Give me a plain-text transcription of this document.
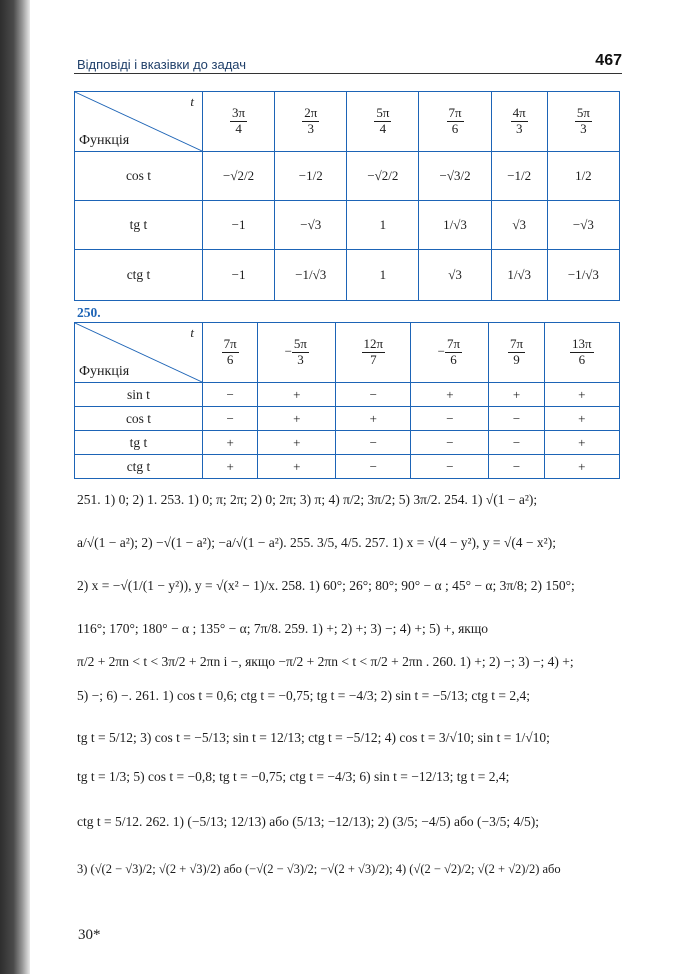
Відповіді і вказівки до задач	467
t
Функція	$\frac{3\pi}{4}$	$\frac{2\pi}{3}$	$\frac{5\pi}{4}$	$\frac{7\pi}{6}$	$\frac{4\pi}{3}$	$\frac{5\pi}{3}$

cos t	−√2/2	−1/2	−√2/2	−√3/2	−1/2	1/2
tg t	−1	−√3	1	1/√3	√3	−√3
ctg t	−1	−1/√3	1	√3	1/√3	−1/√3
250.
t
Функція	$\frac{7\pi}{6}$	− $\frac{5\pi}{3}$	$\frac{12\pi}{7}$	− $\frac{7\pi}{6}$	$\frac{7\pi}{9}$	$\frac{13\pi}{6}$

sin t	−	+	−	+	+	+
cos t	−	+	+	−	−	+
tg t	+	+	−	−	−	+
ctg t	+	+	−	−	−	+
251. 1) 0; 2) 1. 253. 1) 0; π; 2π; 2) 0; 2π; 3) π; 4) π/2; 3π/2; 5) 3π/2. 254. 1) √(1 − a²);
a/√(1 − a²); 2) −√(1 − a²); −a/√(1 − a²). 255. 3/5, 4/5. 257. 1) x = √(4 − y²), y = √(4 − x²);
2) x = −√(1/(1 − y²)), y = √(x² − 1)/x. 258. 1) 60°; 26°; 80°; 90° − α ; 45° − α; 3π/8; 2) 150°;
116°; 170°; 180° − α ; 135° − α; 7π/8. 259. 1) +; 2) +; 3) −; 4) +; 5) +, якщо
π/2 + 2πn < t < 3π/2 + 2πn і −, якщо −π/2 + 2πn < t < π/2 + 2πn . 260. 1) +; 2) −; 3) −; 4) +;
5) −; 6) −. 261. 1) cos t = 0,6; ctg t = −0,75; tg t = −4/3; 2) sin t = −5/13; ctg t = 2,4;
tg t = 5/12; 3) cos t = −5/13; sin t = 12/13; ctg t = −5/12; 4) cos t = 3/√10; sin t = 1/√10;
tg t = 1/3; 5) cos t = −0,8; tg t = −0,75; ctg t = −4/3; 6) sin t = −12/13; tg t = 2,4;
ctg t = 5/12. 262. 1) (−5/13; 12/13) або (5/13; −12/13); 2) (3/5; −4/5) або (−3/5; 4/5);
3) (√(2 − √3)/2; √(2 + √3)/2) або (−√(2 − √3)/2; −√(2 + √3)/2); 4) (√(2 − √2)/2; √(2 + √2)/2) або
30*
